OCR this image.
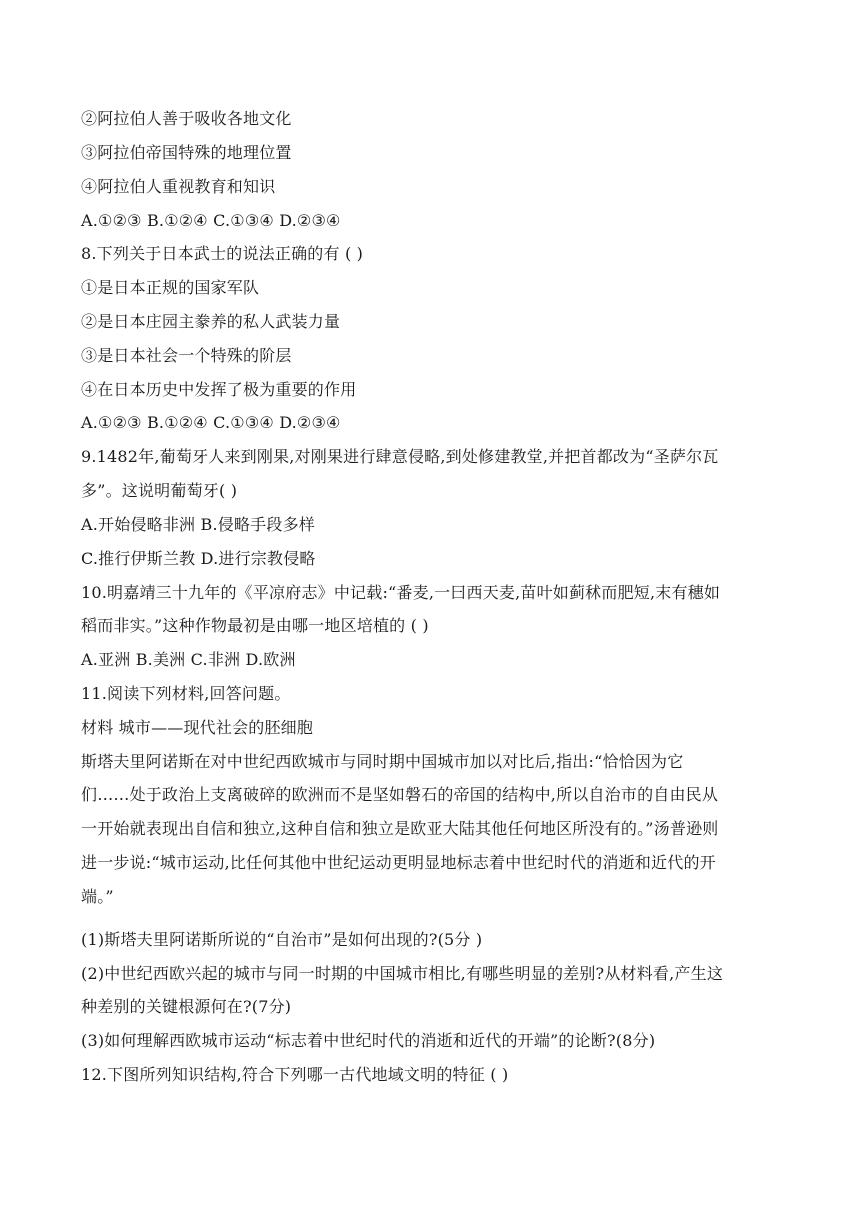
②阿拉伯人善于吸收各地文化
③阿拉伯帝国特殊的地理位置
④阿拉伯人重视教育和知识
A.①②③ B.①②④ C.①③④ D.②③④
8.下列关于日本武士的说法正确的有 ( )
①是日本正规的国家军队
②是日本庄园主豢养的私人武装力量
③是日本社会一个特殊的阶层
④在日本历史中发挥了极为重要的作用
A.①②③ B.①②④ C.①③④ D.②③④
9.1482年,葡萄牙人来到刚果,对刚果进行肆意侵略,到处修建教堂,并把首都改为“圣萨尔瓦
多”。这说明葡萄牙( )
A.开始侵略非洲 B.侵略手段多样
C.推行伊斯兰教 D.进行宗教侵略
10.明嘉靖三十九年的《平凉府志》中记载:“番麦,一曰西天麦,苗叶如蓟秫而肥短,末有穗如
稻而非实。”这种作物最初是由哪一地区培植的 ( )
A.亚洲 B.美洲 C.非洲 D.欧洲
11.阅读下列材料,回答问题。
材料 城市——现代社会的胚细胞
斯塔夫里阿诺斯在对中世纪西欧城市与同时期中国城市加以对比后,指出:“恰恰因为它
们……处于政治上支离破碎的欧洲而不是坚如磐石的帝国的结构中,所以自治市的自由民从
一开始就表现出自信和独立,这种自信和独立是欧亚大陆其他任何地区所没有的。”汤普逊则
进一步说:“城市运动,比任何其他中世纪运动更明显地标志着中世纪时代的消逝和近代的开
端。”
(1)斯塔夫里阿诺斯所说的“自治市”是如何出现的?(5分 )
(2)中世纪西欧兴起的城市与同一时期的中国城市相比,有哪些明显的差别?从材料看,产生这
种差别的关键根源何在?(7分)
(3)如何理解西欧城市运动“标志着中世纪时代的消逝和近代的开端”的论断?(8分)
12.下图所列知识结构,符合下列哪一古代地域文明的特征 ( )
